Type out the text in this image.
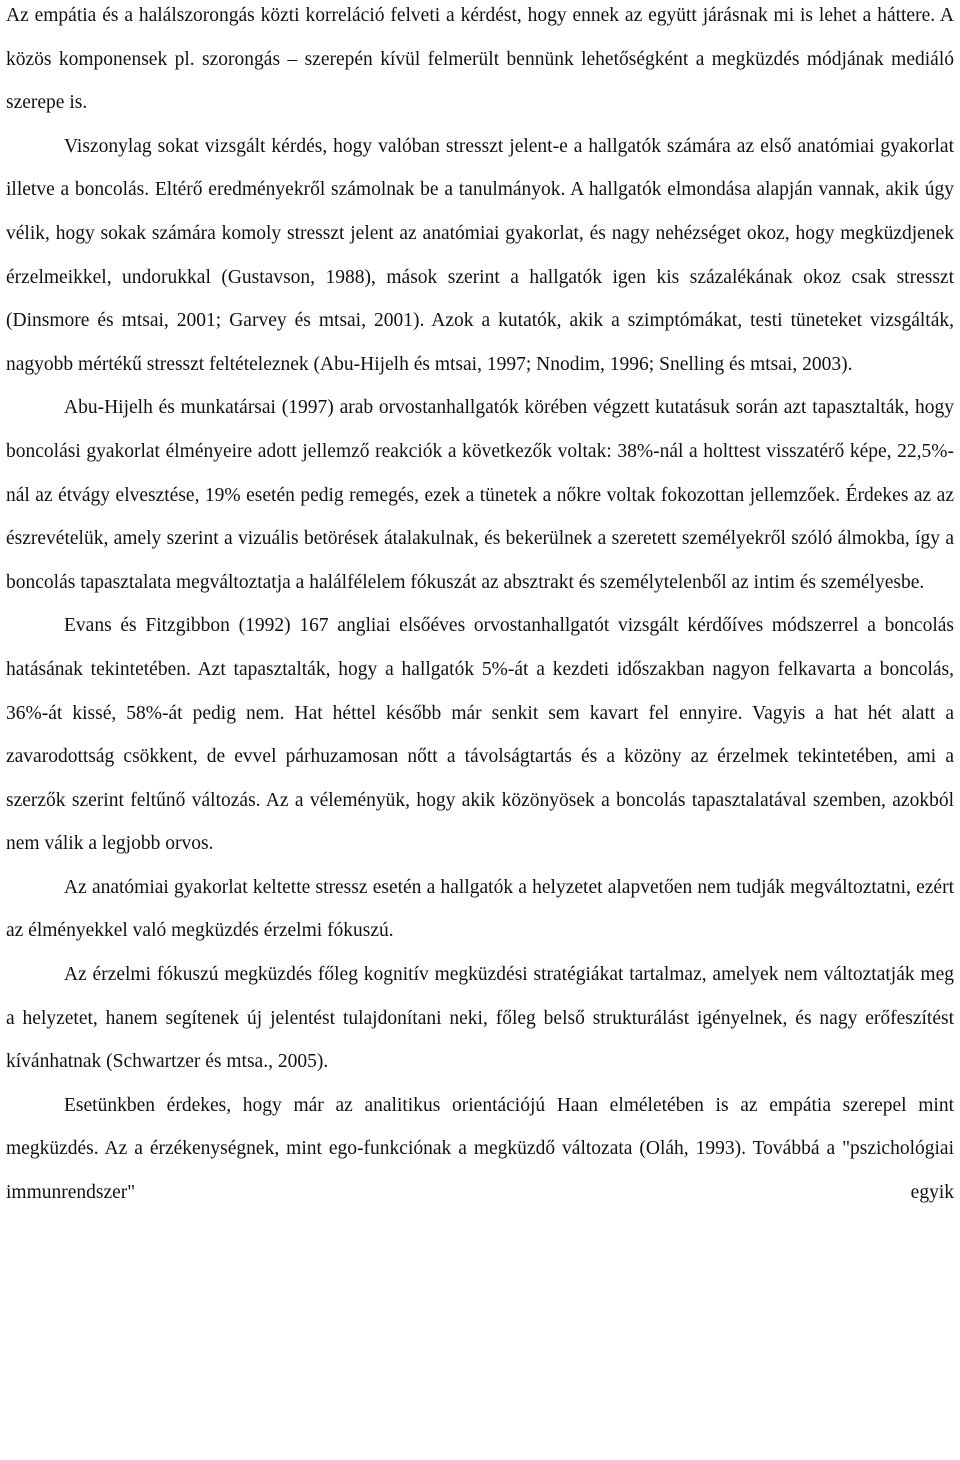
Az empátia és a halálszorongás közti korreláció felveti a kérdést, hogy ennek az együtt járásnak mi is lehet a háttere. A közös komponensek pl. szorongás – szerepén kívül felmerült bennünk lehetőségként a megküzdés módjának mediáló szerepe is.

Viszonylag sokat vizsgált kérdés, hogy valóban stresszt jelent-e a hallgatók számára az első anatómiai gyakorlat illetve a boncolás. Eltérő eredményekről számolnak be a tanulmányok. A hallgatók elmondása alapján vannak, akik úgy vélik, hogy sokak számára komoly stresszt jelent az anatómiai gyakorlat, és nagy nehézséget okoz, hogy megküzdjenek érzelmeikkel, undorukkal (Gustavson, 1988), mások szerint a hallgatók igen kis százalékának okoz csak stresszt (Dinsmore és mtsai, 2001; Garvey és mtsai, 2001). Azok a kutatók, akik a szimptómákat, testi tüneteket vizsgálták, nagyobb mértékű stresszt feltételeznek (Abu-Hijelh és mtsai, 1997; Nnodim, 1996; Snelling és mtsai, 2003).

Abu-Hijelh és munkatársai (1997) arab orvostanhallgatók körében végzett kutatásuk során azt tapasztalták, hogy boncolási gyakorlat élményeire adott jellemző reakciók a következők voltak: 38%-nál a holttest visszatérő képe, 22,5%-nál az étvágy elvesztése, 19% esetén pedig remegés, ezek a tünetek a nőkre voltak fokozottan jellemzőek. Érdekes az az észrevételük, amely szerint a vizuális betörések átalakulnak, és bekerülnek a szeretett személyekről szóló álmokba, így a boncolás tapasztalata megváltoztatja a halálfélelem fókuszát az absztrakt és személytelenből az intim és személyesbe.

Evans és Fitzgibbon (1992) 167 angliai elsőéves orvostanhallgatót vizsgált kérdőíves módszerrel a boncolás hatásának tekintetében. Azt tapasztalták, hogy a hallgatók 5%-át a kezdeti időszakban nagyon felkavarta a boncolás, 36%-át kissé, 58%-át pedig nem. Hat héttel később már senkit sem kavart fel ennyire. Vagyis a hat hét alatt a zavarodottság csökkent, de evvel párhuzamosan nőtt a távolságtartás és a közöny az érzelmek tekintetében, ami a szerzők szerint feltűnő változás. Az a véleményük, hogy akik közönyösek a boncolás tapasztalatával szemben, azokból nem válik a legjobb orvos.

Az anatómiai gyakorlat keltette stressz esetén a hallgatók a helyzetet alapvetően nem tudják megváltoztatni, ezért az élményekkel való megküzdés érzelmi fókuszú.

Az érzelmi fókuszú megküzdés főleg kognitív megküzdési stratégiákat tartalmaz, amelyek nem változtatják meg a helyzetet, hanem segítenek új jelentést tulajdonítani neki, főleg belső strukturálást igényelnek, és nagy erőfeszítést kívánhatnak (Schwartzer és mtsa., 2005).

Esetünkben érdekes, hogy már az analitikus orientációjú Haan elméletében is az empátia szerepel mint megküzdés. Az a érzékenységnek, mint ego-funkciónak a megküzdő változata (Oláh, 1993). Továbbá a "pszichológiai immunrendszer" egyik
